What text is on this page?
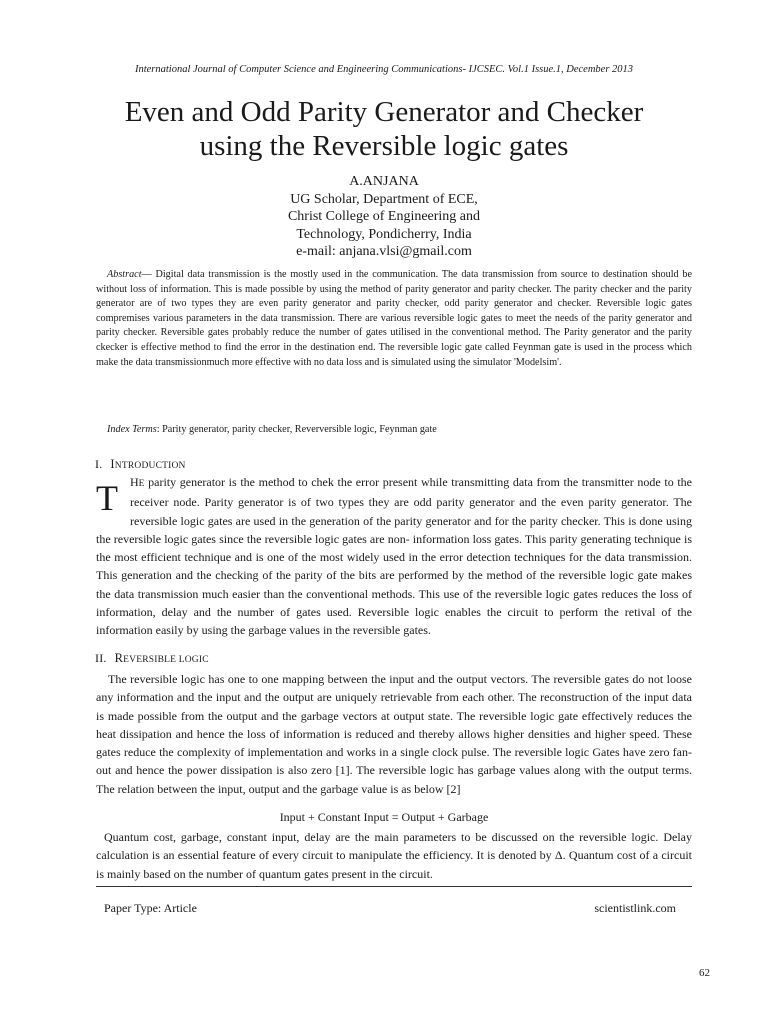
International Journal of Computer Science and Engineering Communications- IJCSEC. Vol.1 Issue.1, December 2013
Even and Odd Parity Generator and Checker
using the Reversible logic gates
A.ANJANA
UG Scholar, Department of ECE,
Christ College of Engineering and
Technology, Pondicherry, India
e-mail: anjana.vlsi@gmail.com
Abstract— Digital data transmission is the mostly used in the communication. The data transmission from source to destination should be without loss of information. This is made possible by using the method of parity generator and parity checker. The parity checker and the parity generator are of two types they are even parity generator and parity checker, odd parity generator and checker. Reversible logic gates compremises various parameters in the data transmission. There are various reversible logic gates to meet the needs of the parity generator and parity checker. Reversible gates probably reduce the number of gates utilised in the conventional method. The Parity generator and the parity ckecker is effective method to find the error in the destination end. The reversible logic gate called Feynman gate is used in the process which make the data transmissionmuch more effective with no data loss and is simulated using the simulator 'Modelsim'.
Index Terms: Parity generator, parity checker, Reverversible logic, Feynman gate
I. INTRODUCTION
T HE parity generator is the method to chek the error present while transmitting data from the transmitter node to the receiver node. Parity generator is of two types they are odd parity generator and the even parity generator. The reversible logic gates are used in the generation of the parity generator and for the parity checker. This is done using the reversible logic gates since the reversible logic gates are non- information loss gates. This parity generating technique is the most efficient technique and is one of the most widely used in the error detection techniques for the data transmission. This generation and the checking of the parity of the bits are performed by the method of the reversible logic gate makes the data transmission much easier than the conventional methods. This use of the reversible logic gates reduces the loss of information, delay and the number of gates used. Reversible logic enables the circuit to perform the retival of the information easily by using the garbage values in the reversible gates.
II. REVERSIBLE LOGIC

The reversible logic has one to one mapping between the input and the output vectors. The reversible gates do not loose any information and the input and the output are uniquely retrievable from each other. The reconstruction of the input data is made possible from the output and the garbage vectors at output state. The reversible logic gate effectively reduces the heat dissipation and hence the loss of information is reduced and thereby allows higher densities and higher speed. These gates reduce the complexity of implementation and works in a single clock pulse. The reversible logic Gates have zero fan-out and hence the power dissipation is also zero [1]. The reversible logic has garbage values along with the output terms. The relation between the input, output and the garbage value is as below [2]

Input + Constant Input = Output + Garbage

Quantum cost, garbage, constant input, delay are the main parameters to be discussed on the reversible logic. Delay calculation is an essential feature of every circuit to manipulate the efficiency. It is denoted by Δ. Quantum cost of a circuit is mainly based on the number of quantum gates present in the circuit.

Paper Type: Article	scientistlink.com
62
